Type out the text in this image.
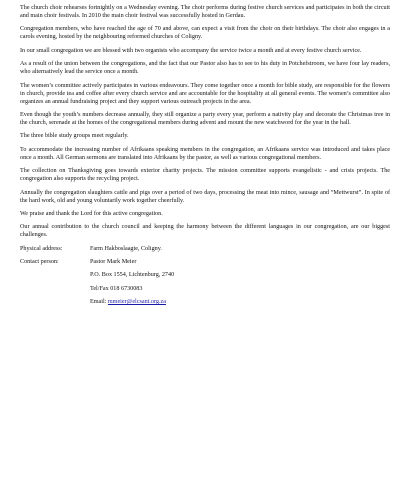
The church choir rehearses fortnightly on a Wednesday evening. The choir performs during festive church services and participates in both the circuit and main choir festivals. In 2010 the main choir festival was successfully hosted in Gerdau.

Congregation members, who have reached the age of 70 and above, can expect a visit from the choir on their birthdays. The choir also engages in a carols evening, hosted by the neighbouring reformed churches of Coligny.

In our small congregation we are blessed with two organists who accompany the service twice a month and at every festive church service.

As a result of the union between the congregations, and the fact that our Pastor also has to see to his duty in Potchefstroom, we have four lay readers, who alternatively lead the service once a month.

The women’s committee actively participates in various endeavours. They come together once a month for bible study, are responsible for the flowers in church, provide tea and coffee after every church service and are accountable for the hospitality at all general events. The women’s committee also organizes an annual fundraising project and they support various outreach projects in the area.

Even though the youth’s numbers decrease annually, they still organize a party every year, perform a nativity play and decorate the Christmas tree in the church, serenade at the homes of the congregational members during advent and mount the new watchword for the year in the hall.

The three bible study groups meet regularly.

To accommodate the increasing number of Afrikaans speaking members in the congregation, an Afrikaans service was introduced and takes place once a month. All German sermons are translated into Afrikaans by the pastor, as well as various congregational members.

The collection on Thanksgiving goes towards exterior charity projects. The mission committee supports evangelistic - and crisis projects. The congregation also supports the recycling project.

Annually the congregation slaughters cattle and pigs over a period of two days, processing the meat into mince, sausage and “Mettwurst”. In spite of the hard work, old and young voluntarily work together cheerfully.

We praise and thank the Lord for this active congregation.

Our annual contribution to the church council and keeping the harmony between the different languages in our congregation, are our biggest challenges.

Physical address:	Farm Hakboslaagte, Coligny.
Contact person:	Pastor Mark Meier
P.O. Box 1554, Lichtenburg, 2740
Tel/Fax 018 6730083
Email: mmeier@elcsant.org.za
